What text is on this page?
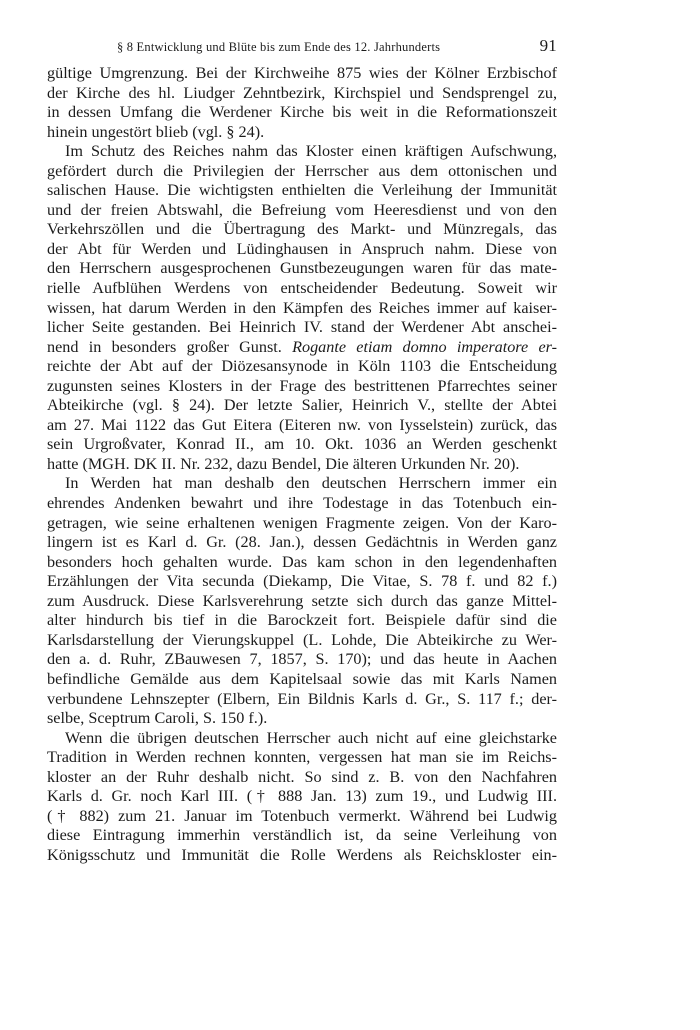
§ 8 Entwicklung und Blüte bis zum Ende des 12. Jahrhunderts	91
gültige Umgrenzung. Bei der Kirchweihe 875 wies der Kölner Erzbischof
der Kirche des hl. Liudger Zehntbezirk, Kirchspiel und Sendsprengel zu,
in dessen Umfang die Werdener Kirche bis weit in die Reformationszeit
hinein ungestört blieb (vgl. § 24).
Im Schutz des Reiches nahm das Kloster einen kräftigen Aufschwung,
gefördert durch die Privilegien der Herrscher aus dem ottonischen und
salischen Hause. Die wichtigsten enthielten die Verleihung der Immunität
und der freien Abtswahl, die Befreiung vom Heeresdienst und von den
Verkehrszöllen und die Übertragung des Markt- und Münzregals, das
der Abt für Werden und Lüdinghausen in Anspruch nahm. Diese von
den Herrschern ausgesprochenen Gunstbezeugungen waren für das mate-
rielle Aufblühen Werdens von entscheidender Bedeutung. Soweit wir
wissen, hat darum Werden in den Kämpfen des Reiches immer auf kaiser-
licher Seite gestanden. Bei Heinrich IV. stand der Werdener Abt anschei-
nend in besonders großer Gunst. Rogante etiam domno imperatore er-
reichte der Abt auf der Diözesansynode in Köln 1103 die Entscheidung
zugunsten seines Klosters in der Frage des bestrittenen Pfarrechtes seiner
Abteikirche (vgl. § 24). Der letzte Salier, Heinrich V., stellte der Abtei
am 27. Mai 1122 das Gut Eitera (Eiteren nw. von Iysselstein) zurück, das
sein Urgroßvater, Konrad II., am 10. Okt. 1036 an Werden geschenkt
hatte (MGH. DK II. Nr. 232, dazu Bendel, Die älteren Urkunden Nr. 20).
In Werden hat man deshalb den deutschen Herrschern immer ein
ehrendes Andenken bewahrt und ihre Todestage in das Totenbuch ein-
getragen, wie seine erhaltenen wenigen Fragmente zeigen. Von der Karo-
lingern ist es Karl d. Gr. (28. Jan.), dessen Gedächtnis in Werden ganz
besonders hoch gehalten wurde. Das kam schon in den legendenhaften
Erzählungen der Vita secunda (Diekamp, Die Vitae, S. 78 f. und 82 f.)
zum Ausdruck. Diese Karlsverehrung setzte sich durch das ganze Mittel-
alter hindurch bis tief in die Barockzeit fort. Beispiele dafür sind die
Karlsdarstellung der Vierungskuppel (L. Lohde, Die Abteikirche zu Wer-
den a. d. Ruhr, ZBauwesen 7, 1857, S. 170); und das heute in Aachen
befindliche Gemälde aus dem Kapitelsaal sowie das mit Karls Namen
verbundene Lehnszepter (Elbern, Ein Bildnis Karls d. Gr., S. 117 f.; der-
selbe, Sceptrum Caroli, S. 150 f.).
Wenn die übrigen deutschen Herrscher auch nicht auf eine gleichstarke
Tradition in Werden rechnen konnten, vergessen hat man sie im Reichs-
kloster an der Ruhr deshalb nicht. So sind z. B. von den Nachfahren
Karls d. Gr. noch Karl III. († 888 Jan. 13) zum 19., und Ludwig III.
(† 882) zum 21. Januar im Totenbuch vermerkt. Während bei Ludwig
diese Eintragung immerhin verständlich ist, da seine Verleihung von
Königsschutz und Immunität die Rolle Werdens als Reichskloster ein-
